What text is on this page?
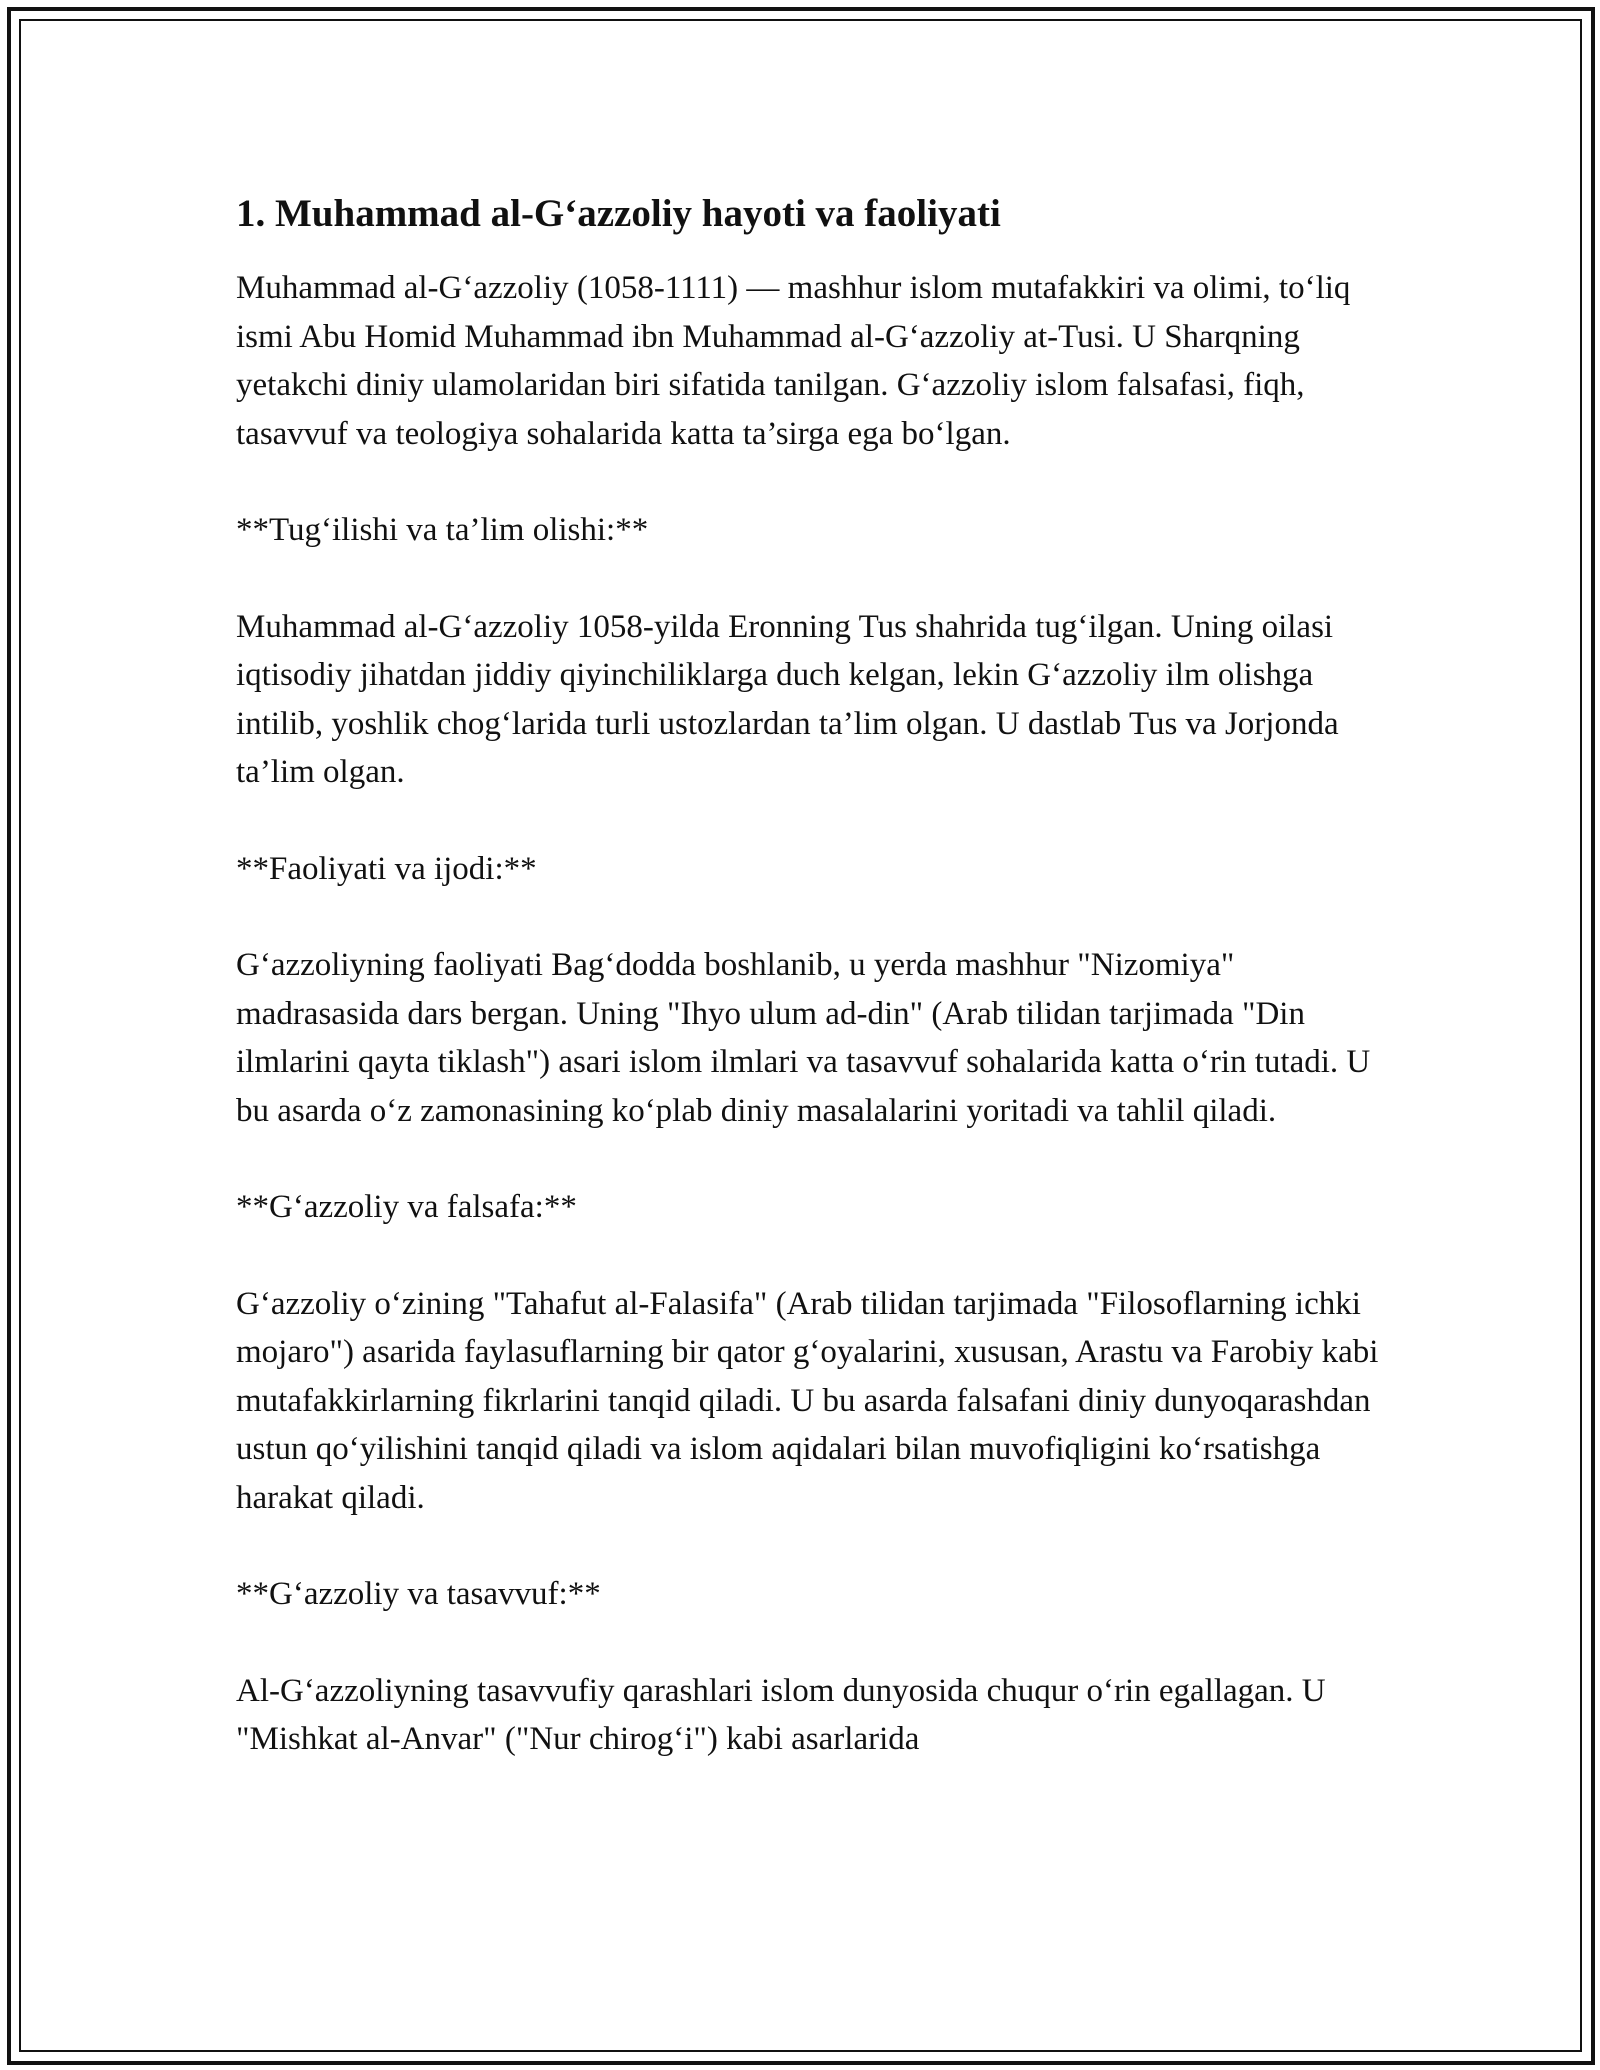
1. Muhammad al-G‘azzoliy hayoti va faoliyati

Muhammad al-G‘azzoliy (1058-1111) — mashhur islom mutafakkiri va olimi, to‘liq ismi Abu Homid Muhammad ibn Muhammad al-G‘azzoliy at-Tusi. U Sharqning yetakchi diniy ulamolaridan biri sifatida tanilgan. G‘azzoliy islom falsafasi, fiqh, tasavvuf va teologiya sohalarida katta ta’sirga ega bo‘lgan.

**Tug‘ilishi va ta’lim olishi:**

Muhammad al-G‘azzoliy 1058-yilda Eronning Tus shahrida tug‘ilgan. Uning oilasi iqtisodiy jihatdan jiddiy qiyinchiliklarga duch kelgan, lekin G‘azzoliy ilm olishga intilib, yoshlik chog‘larida turli ustozlardan ta’lim olgan. U dastlab Tus va Jorjonda ta’lim olgan.

**Faoliyati va ijodi:**

G‘azzoliyning faoliyati Bag‘dodda boshlanib, u yerda mashhur "Nizomiya" madrasasida dars bergan. Uning "Ihyo ulum ad-din" (Arab tilidan tarjimada "Din ilmlarini qayta tiklash") asari islom ilmlari va tasavvuf sohalarida katta o‘rin tutadi. U bu asarda o‘z zamonasining ko‘plab diniy masalalarini yoritadi va tahlil qiladi.

**G‘azzoliy va falsafa:**

G‘azzoliy o‘zining "Tahafut al-Falasifa" (Arab tilidan tarjimada "Filosoflarning ichki mojaro") asarida faylasuflarning bir qator g‘oyalarini, xususan, Arastu va Farobiy kabi mutafakkirlarning fikrlarini tanqid qiladi. U bu asarda falsafani diniy dunyoqarashdan ustun qo‘yilishini tanqid qiladi va islom aqidalari bilan muvofiqligini ko‘rsatishga harakat qiladi.

**G‘azzoliy va tasavvuf:**

Al-G‘azzoliyning tasavvufiy qarashlari islom dunyosida chuqur o‘rin egallagan. U "Mishkat al-Anvar" ("Nur chirog‘i") kabi asarlarida
